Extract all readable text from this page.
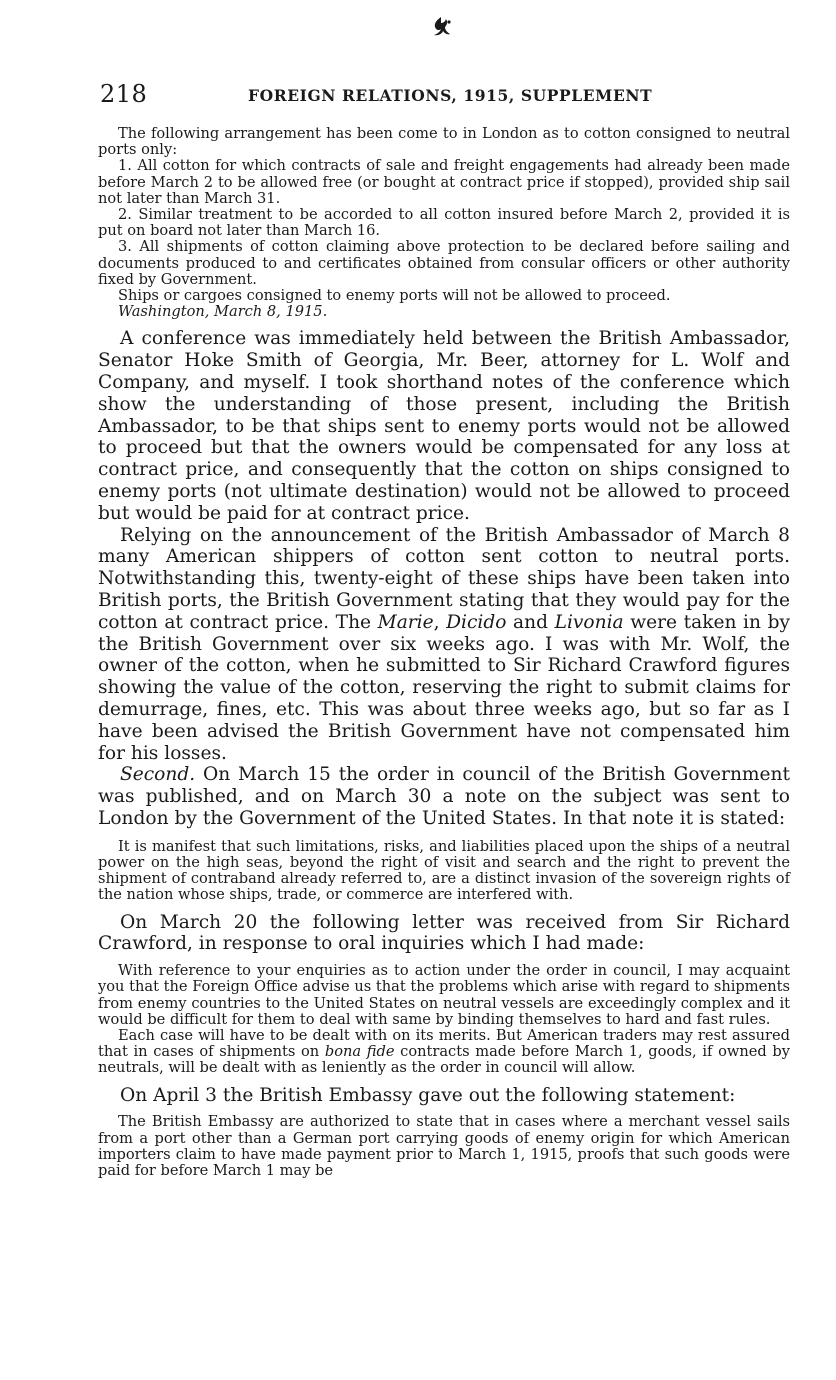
218	FOREIGN RELATIONS, 1915, SUPPLEMENT

The following arrangement has been come to in London as to cotton consigned to neutral ports only:

1. All cotton for which contracts of sale and freight engagements had already been made before March 2 to be allowed free (or bought at contract price if stopped), provided ship sail not later than March 31.

2. Similar treatment to be accorded to all cotton insured before March 2, provided it is put on board not later than March 16.

3. All shipments of cotton claiming above protection to be declared before sailing and documents produced to and certificates obtained from consular officers or other authority fixed by Government.

Ships or cargoes consigned to enemy ports will not be allowed to proceed.

Washington, March 8, 1915.

A conference was immediately held between the British Ambassador, Senator Hoke Smith of Georgia, Mr. Beer, attorney for L. Wolf and Company, and myself. I took shorthand notes of the conference which show the understanding of those present, including the British Ambassador, to be that ships sent to enemy ports would not be allowed to proceed but that the owners would be compensated for any loss at contract price, and consequently that the cotton on ships consigned to enemy ports (not ultimate destination) would not be allowed to proceed but would be paid for at contract price.

Relying on the announcement of the British Ambassador of March 8 many American shippers of cotton sent cotton to neutral ports. Notwithstanding this, twenty-eight of these ships have been taken into British ports, the British Government stating that they would pay for the cotton at contract price. The Marie, Dicido and Livonia were taken in by the British Government over six weeks ago. I was with Mr. Wolf, the owner of the cotton, when he submitted to Sir Richard Crawford figures showing the value of the cotton, reserving the right to submit claims for demurrage, fines, etc. This was about three weeks ago, but so far as I have been advised the British Government have not compensated him for his losses.

Second. On March 15 the order in council of the British Government was published, and on March 30 a note on the subject was sent to London by the Government of the United States. In that note it is stated:

It is manifest that such limitations, risks, and liabilities placed upon the ships of a neutral power on the high seas, beyond the right of visit and search and the right to prevent the shipment of contraband already referred to, are a distinct invasion of the sovereign rights of the nation whose ships, trade, or commerce are interfered with.

On March 20 the following letter was received from Sir Richard Crawford, in response to oral inquiries which I had made:

With reference to your enquiries as to action under the order in council, I may acquaint you that the Foreign Office advise us that the problems which arise with regard to shipments from enemy countries to the United States on neutral vessels are exceedingly complex and it would be difficult for them to deal with same by binding themselves to hard and fast rules.

Each case will have to be dealt with on its merits. But American traders may rest assured that in cases of shipments on bona fide contracts made before March 1, goods, if owned by neutrals, will be dealt with as leniently as the order in council will allow.

On April 3 the British Embassy gave out the following statement:

The British Embassy are authorized to state that in cases where a merchant vessel sails from a port other than a German port carrying goods of enemy origin for which American importers claim to have made payment prior to March 1, 1915, proofs that such goods were paid for before March 1 may be
